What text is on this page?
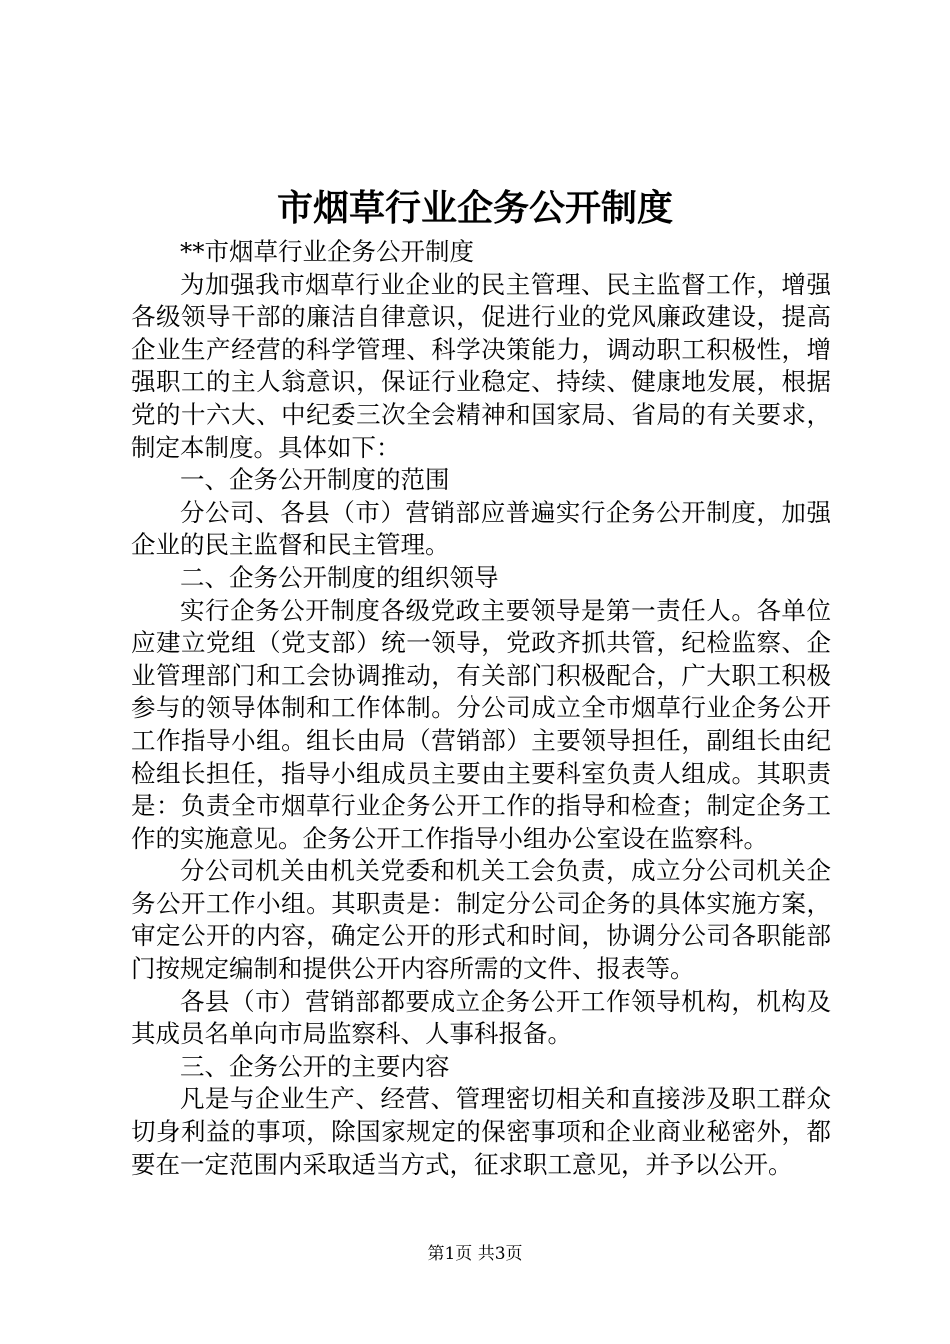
市烟草行业企务公开制度

**市烟草行业企务公开制度

为加强我市烟草行业企业的民主管理、民主监督工作，增强各级领导干部的廉洁自律意识，促进行业的党风廉政建设，提高企业生产经营的科学管理、科学决策能力，调动职工积极性，增强职工的主人翁意识，保证行业稳定、持续、健康地发展，根据党的十六大、中纪委三次全会精神和国家局、省局的有关要求，制定本制度。具体如下：

一、企务公开制度的范围

分公司、各县（市）营销部应普遍实行企务公开制度，加强企业的民主监督和民主管理。

二、企务公开制度的组织领导

实行企务公开制度各级党政主要领导是第一责任人。各单位应建立党组（党支部）统一领导，党政齐抓共管，纪检监察、企业管理部门和工会协调推动，有关部门积极配合，广大职工积极参与的领导体制和工作体制。分公司成立全市烟草行业企务公开工作指导小组。组长由局（营销部）主要领导担任，副组长由纪检组长担任，指导小组成员主要由主要科室负责人组成。其职责是：负责全市烟草行业企务公开工作的指导和检查；制定企务工作的实施意见。企务公开工作指导小组办公室设在监察科。

分公司机关由机关党委和机关工会负责，成立分公司机关企务公开工作小组。其职责是：制定分公司企务的具体实施方案，审定公开的内容，确定公开的形式和时间，协调分公司各职能部门按规定编制和提供公开内容所需的文件、报表等。

各县（市）营销部都要成立企务公开工作领导机构，机构及其成员名单向市局监察科、人事科报备。

三、企务公开的主要内容

凡是与企业生产、经营、管理密切相关和直接涉及职工群众切身利益的事项，除国家规定的保密事项和企业商业秘密外，都要在一定范围内采取适当方式，征求职工意见，并予以公开。

第1页 共3页
